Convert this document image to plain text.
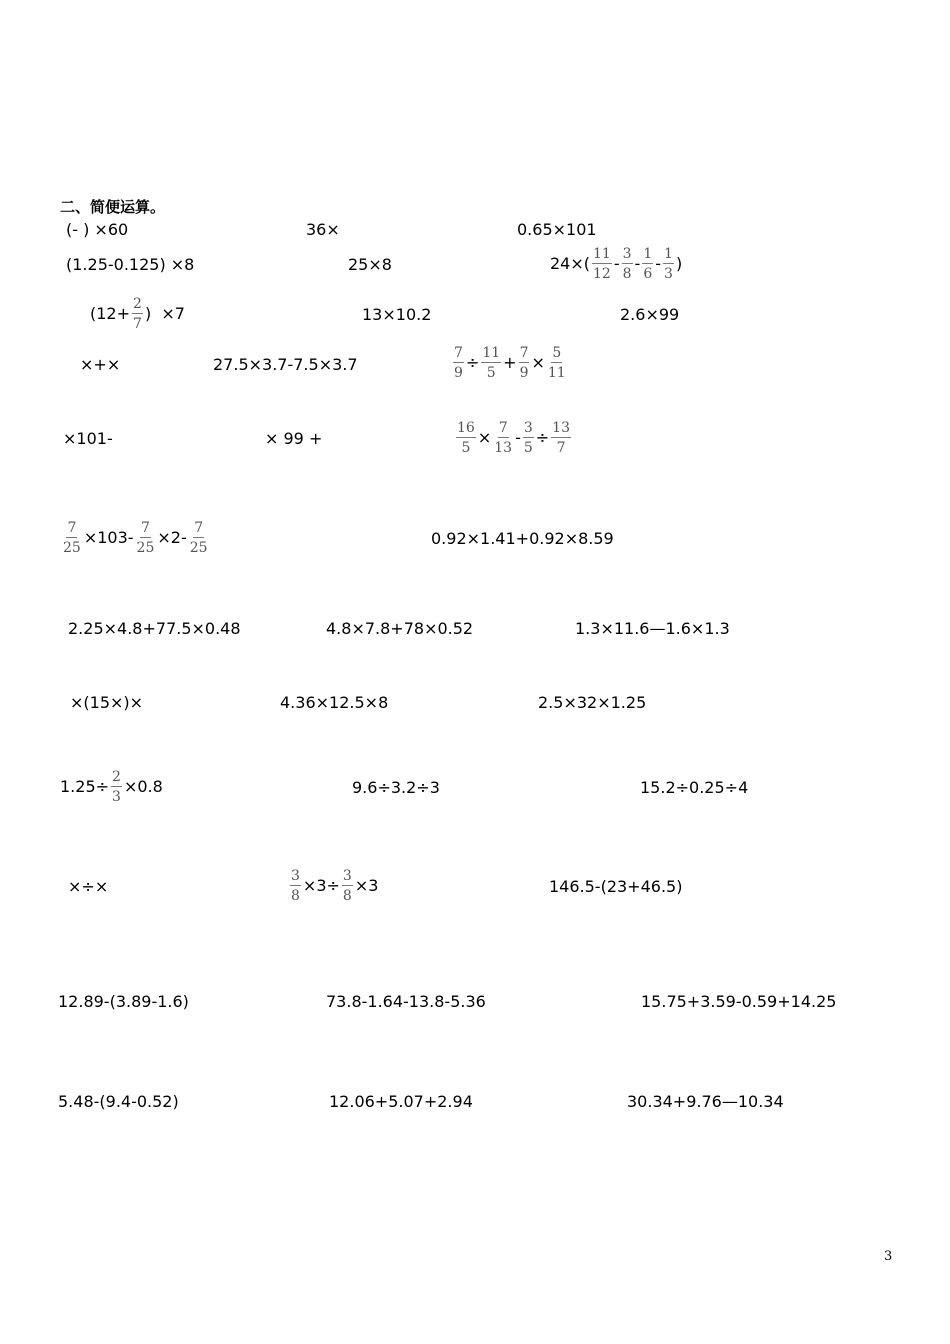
二、简便运算。
(- ) ×60	36×	0.65×101
(1.25-0.125) ×8	25×8	$24\times( \frac{11}{12} - \frac{3}{8} - \frac{1}{6} - \frac{1}{3}$ )
($12+ \frac{2}{7}$ )  ×7	13×10.2	2.6×99
×+×	27.5×3.7-7.5×3.7	$\frac{7}{9} \div \frac{11}{5} + \frac{7}{9} \times \frac{5}{11}$
×101-	× 99 +	$\frac{16}{5} \times \frac{7}{13} - \frac{3}{5} \div \frac{13}{7}$
$\frac{7}{25} \times 103- \frac{7}{25} \times 2- \frac{7}{25}$	0.92×1.41+0.92×8.59
2.25×4.8+77.5×0.48	4.8×7.8+78×0.52	1.3×11.6—1.6×1.3
×(15×)×	4.36×12.5×8	2.5×32×1.25
$1.25\div \frac{2}{3} \times 0.8$	9.6÷3.2÷3	15.2÷0.25÷4
×÷×	$\frac{3}{8} \times 3\div \frac{3}{8} \times 3$	146.5-(23+46.5)
12.89-(3.89-1.6)	73.8-1.64-13.8-5.36	15.75+3.59-0.59+14.25
5.48-(9.4-0.52)	12.06+5.07+2.94	30.34+9.76—10.34
3
